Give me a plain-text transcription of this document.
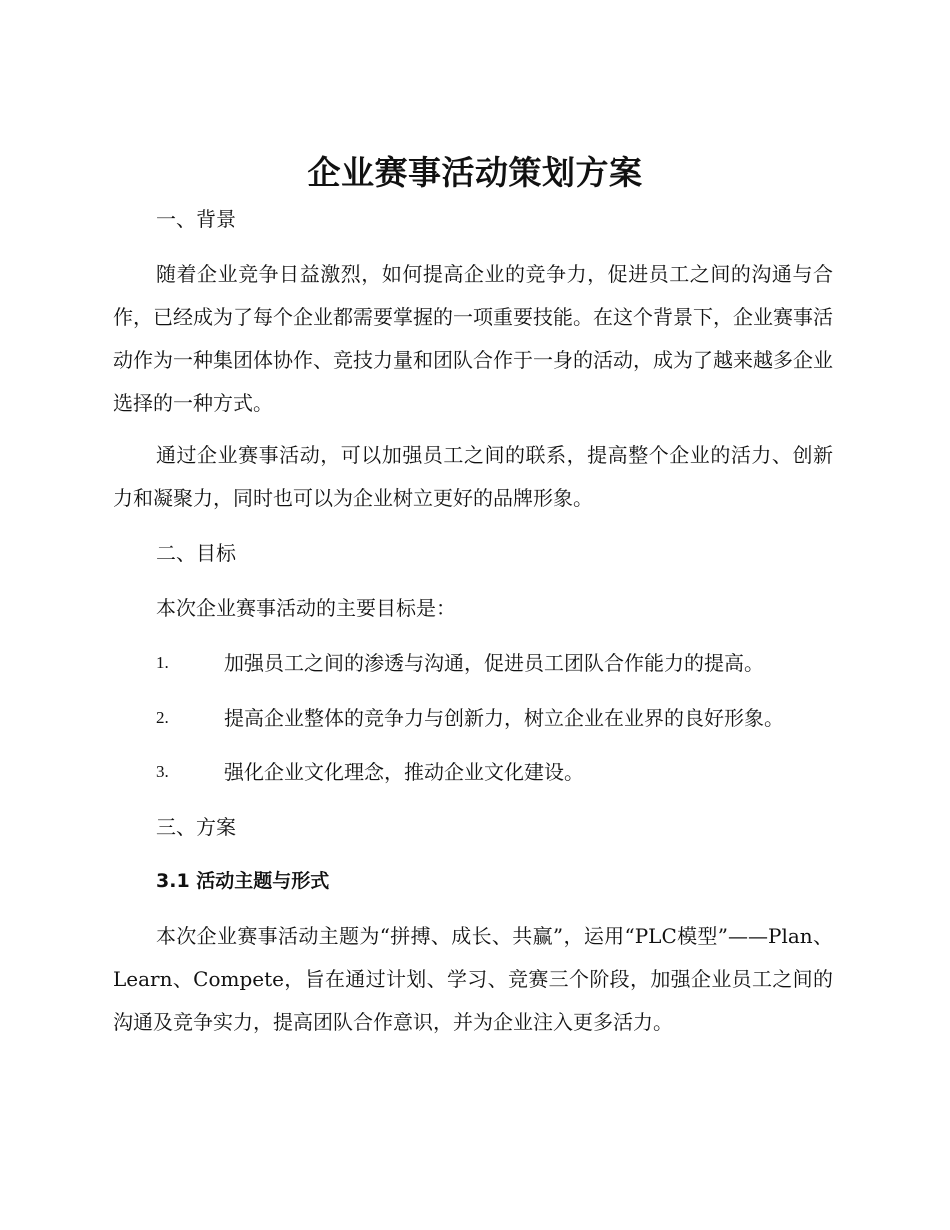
企业赛事活动策划方案
一、背景

随着企业竞争日益激烈，如何提高企业的竞争力，促进员工之间的沟通与合作，已经成为了每个企业都需要掌握的一项重要技能。在这个背景下，企业赛事活动作为一种集团体协作、竞技力量和团队合作于一身的活动，成为了越来越多企业选择的一种方式。

通过企业赛事活动，可以加强员工之间的联系，提高整个企业的活力、创新力和凝聚力，同时也可以为企业树立更好的品牌形象。

二、目标

本次企业赛事活动的主要目标是：

1.	加强员工之间的渗透与沟通，促进员工团队合作能力的提高。
2.	提高企业整体的竞争力与创新力，树立企业在业界的良好形象。
3.	强化企业文化理念，推动企业文化建设。
三、方案
3.1 活动主题与形式

本次企业赛事活动主题为“拼搏、成长、共赢”，运用“PLC模型”——Plan、Learn、Compete，旨在通过计划、学习、竞赛三个阶段，加强企业员工之间的沟通及竞争实力，提高团队合作意识，并为企业注入更多活力。
